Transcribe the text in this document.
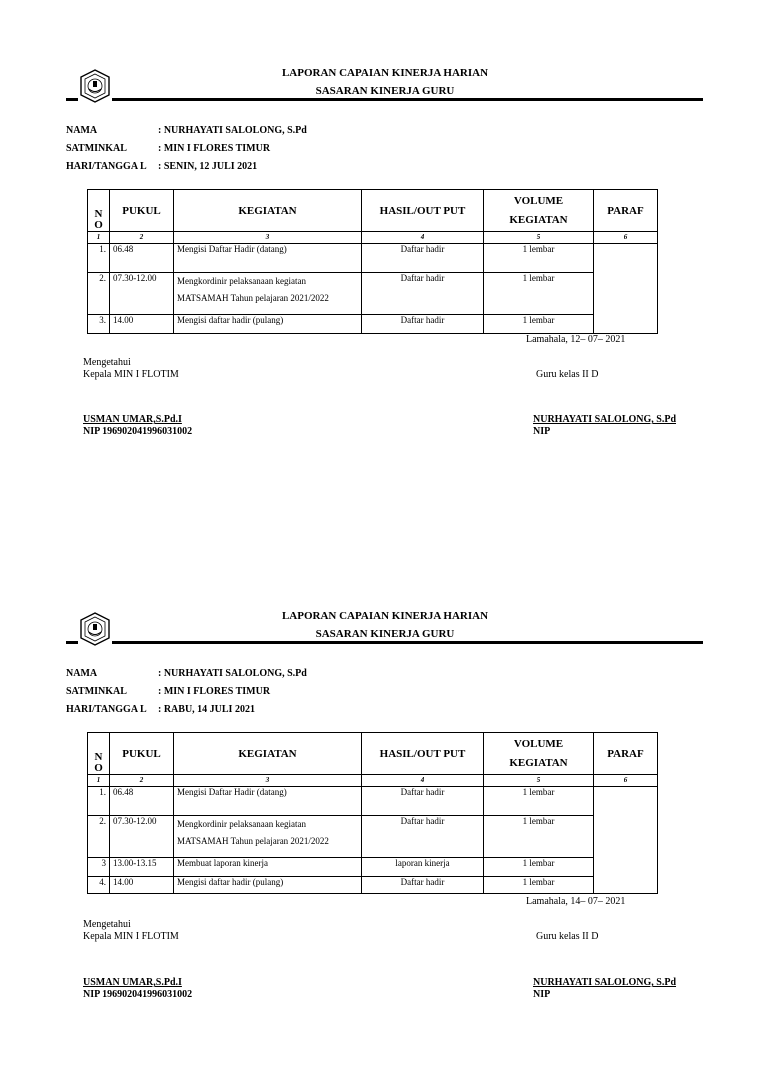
LAPORAN CAPAIAN KINERJA HARIAN
SASARAN KINERJA GURU
NAMA	: NURHAYATI SALOLONG, S.Pd
SATMINKAL	: MIN I FLORES TIMUR
HARI/TANGGA L : SENIN, 12 JULI 2021
N O	PUKUL	KEGIATAN	HASIL/OUT PUT	VOLUME KEGIATAN	PARAF
1	2	3	4	5	6
1.	06.48	Mengisi Daftar Hadir (datang)	Daftar hadir	1 lembar	
2.	07.30-12.00	Mengkordinir pelaksanaan kegiatan MATSAMAH Tahun pelajaran 2021/2022	Daftar hadir	1 lembar	
3.	14.00	Mengisi daftar hadir (pulang)	Daftar hadir	1 lembar	
Lamahala, 12– 07– 2021
Mengetahui
Kepala MIN I FLOTIM	Guru kelas II D
USMAN UMAR,S.Pd.I
NIP 196902041996031002
NURHAYATI SALOLONG, S.Pd
NIP
LAPORAN CAPAIAN KINERJA HARIAN
SASARAN KINERJA GURU
NAMA	: NURHAYATI SALOLONG, S.Pd
SATMINKAL	: MIN I FLORES TIMUR
HARI/TANGGA L : RABU, 14 JULI 2021
N O	PUKUL	KEGIATAN	HASIL/OUT PUT	VOLUME KEGIATAN	PARAF
1	2	3	4	5	6
1.	06.48	Mengisi Daftar Hadir (datang)	Daftar hadir	1 lembar	
2.	07.30-12.00	Mengkordinir pelaksanaan kegiatan MATSAMAH Tahun pelajaran 2021/2022	Daftar hadir	1 lembar	
3	13.00-13.15	Membuat laporan kinerja	laporan kinerja	1 lembar	
4.	14.00	Mengisi daftar hadir (pulang)	Daftar hadir	1 lembar	
Lamahala, 14– 07– 2021
Mengetahui
Kepala MIN I FLOTIM	Guru kelas II D
USMAN UMAR,S.Pd.I
NIP 196902041996031002
NURHAYATI SALOLONG, S.Pd
NIP
